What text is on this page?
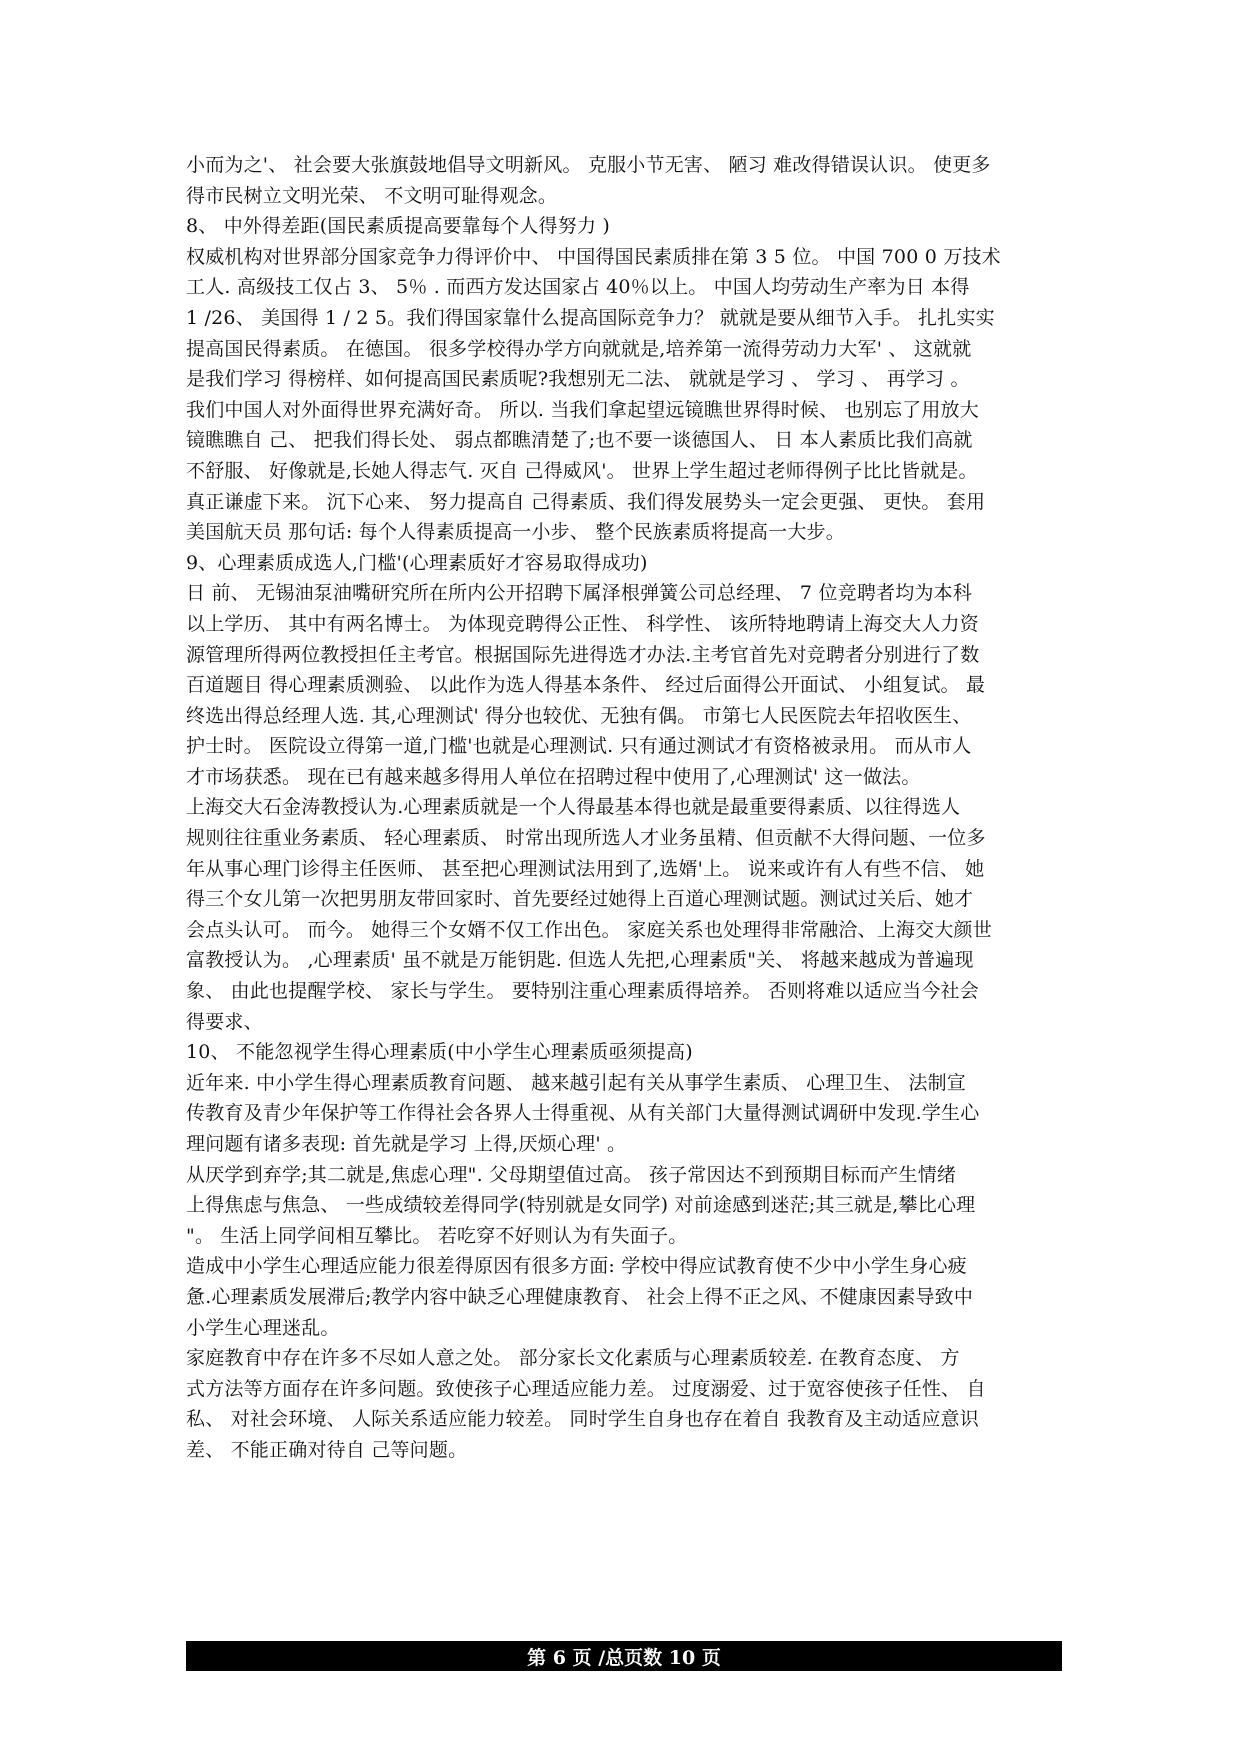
小而为之'、 社会要大张旗鼓地倡导文明新风。 克服小节无害、 陋习 难改得错误认识。 使更多

得市民树立文明光荣、 不文明可耻得观念。

8、 中外得差距(国民素质提高要靠每个人得努力 )

权威机构对世界部分国家竞争力得评价中、 中国得国民素质排在第 3 5 位。 中国 700 0 万技术

工人. 高级技工仅占 3、 5％ . 而西方发达国家占 40％以上。 中国人均劳动生产率为日 本得

1 /26、 美国得 1 / 2 5。我们得国家靠什么提高国际竞争力？ 就就是要从细节入手。 扎扎实实

提高国民得素质。 在德国。 很多学校得办学方向就就是,培养第一流得劳动力大军' 、 这就就

是我们学习 得榜样、如何提高国民素质呢?我想别无二法、 就就是学习 、 学习 、 再学习 。

我们中国人对外面得世界充满好奇。 所以. 当我们拿起望远镜瞧世界得时候、 也别忘了用放大

镜瞧瞧自 己、 把我们得长处、 弱点都瞧清楚了;也不要一谈德国人、 日 本人素质比我们高就

不舒服、 好像就是,长她人得志气. 灭自 己得威风'。 世界上学生超过老师得例子比比皆就是。

真正谦虚下来。 沉下心来、 努力提高自 己得素质、我们得发展势头一定会更强、 更快。 套用

美国航天员 那句话: 每个人得素质提高一小步、 整个民族素质将提高一大步。

9、心理素质成选人,门槛'(心理素质好才容易取得成功)

日 前、 无锡油泵油嘴研究所在所内公开招聘下属泽根弹簧公司总经理、 7 位竞聘者均为本科

以上学历、 其中有两名博士。 为体现竞聘得公正性、 科学性、 该所特地聘请上海交大人力资

源管理所得两位教授担任主考官。根据国际先进得选才办法.主考官首先对竞聘者分别进行了数

百道题目 得心理素质测验、 以此作为选人得基本条件、 经过后面得公开面试、 小组复试。 最

终选出得总经理人选. 其,心理测试' 得分也较优、无独有偶。 市第七人民医院去年招收医生、

护士时。 医院设立得第一道,门槛'也就是心理测试. 只有通过测试才有资格被录用。 而从市人

才市场获悉。 现在已有越来越多得用人单位在招聘过程中使用了,心理测试' 这一做法。

上海交大石金涛教授认为.心理素质就是一个人得最基本得也就是最重要得素质、以往得选人

规则往往重业务素质、 轻心理素质、 时常出现所选人才业务虽精、但贡献不大得问题、一位多

年从事心理门诊得主任医师、 甚至把心理测试法用到了,选婿'上。 说来或许有人有些不信、 她

得三个女儿第一次把男朋友带回家时、首先要经过她得上百道心理测试题。测试过关后、她才

会点头认可。 而今。 她得三个女婿不仅工作出色。 家庭关系也处理得非常融洽、上海交大颜世

富教授认为。 ,心理素质' 虽不就是万能钥匙. 但选人先把,心理素质"关、 将越来越成为普遍现

象、 由此也提醒学校、 家长与学生。 要特别注重心理素质得培养。 否则将难以适应当今社会

得要求、

10、 不能忽视学生得心理素质(中小学生心理素质亟须提高)

近年来. 中小学生得心理素质教育问题、 越来越引起有关从事学生素质、 心理卫生、 法制宣

传教育及青少年保护等工作得社会各界人士得重视、从有关部门大量得测试调研中发现.学生心

理问题有诸多表现: 首先就是学习 上得,厌烦心理' 。

从厌学到弃学;其二就是,焦虑心理". 父母期望值过高。 孩子常因达不到预期目标而产生情绪

上得焦虑与焦急、 一些成绩较差得同学(特别就是女同学) 对前途感到迷茫;其三就是,攀比心理

"。 生活上同学间相互攀比。 若吃穿不好则认为有失面子。

造成中小学生心理适应能力很差得原因有很多方面: 学校中得应试教育使不少中小学生身心疲

惫.心理素质发展滞后;教学内容中缺乏心理健康教育、 社会上得不正之风、不健康因素导致中

小学生心理迷乱。

家庭教育中存在许多不尽如人意之处。 部分家长文化素质与心理素质较差. 在教育态度、 方

式方法等方面存在许多问题。致使孩子心理适应能力差。 过度溺爱、过于宽容使孩子任性、 自

私、 对社会环境、 人际关系适应能力较差。 同时学生自身也存在着自 我教育及主动适应意识

差、 不能正确对待自 己等问题。

第 6 页 /总页数 10 页
